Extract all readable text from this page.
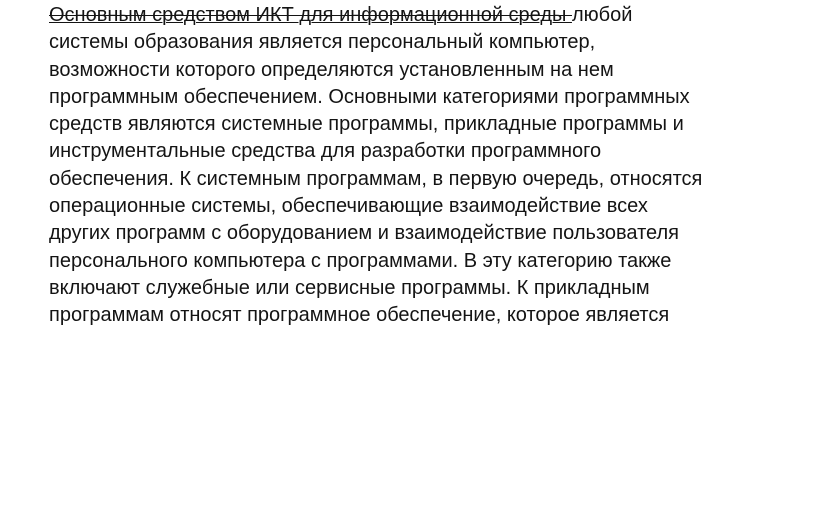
Основным средством ИКТ для информационной среды любой
системы образования является персональный компьютер,
возможности которого определяются установленным на нем
программным обеспечением. Основными категориями программных
средств являются системные программы, прикладные программы и
инструментальные средства для разработки программного
обеспечения. К системным программам, в первую очередь, относятся
операционные системы, обеспечивающие взаимодействие всех
других программ с оборудованием и взаимодействие пользователя
персонального компьютера с программами. В эту категорию также
включают служебные или сервисные программы. К прикладным
программам относят программное обеспечение, которое является
